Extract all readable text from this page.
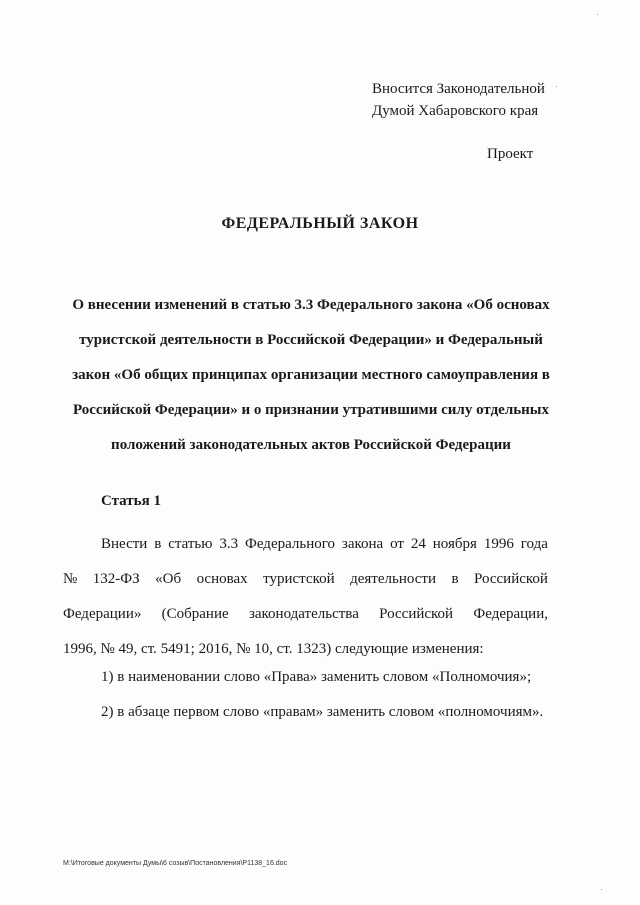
Вносится Законодательной
Думой Хабаровского края
Проект
ФЕДЕРАЛЬНЫЙ ЗАКОН
О внесении изменений в статью 3.3 Федерального закона «Об основах
туристской деятельности в Российской Федерации» и Федеральный
закон «Об общих принципах организации местного самоуправления в
Российской Федерации» и о признании утратившими силу отдельных
положений законодательных актов Российской Федерации
Статья 1
Внести в статью 3.3 Федерального закона от 24 ноября 1996 года
№ 132-ФЗ «Об основах туристской деятельности в Российской
Федерации» (Собрание законодательства Российской Федерации,
1996, № 49, ст. 5491; 2016, № 10, ст. 1323) следующие изменения:
1) в наименовании слово «Права» заменить словом «Полномочия»;
2) в абзаце первом слово «правам» заменить словом «полномочиям».
M:\Итоговые документы Думы\6 созыв\Постановления\P1138_16.doc
